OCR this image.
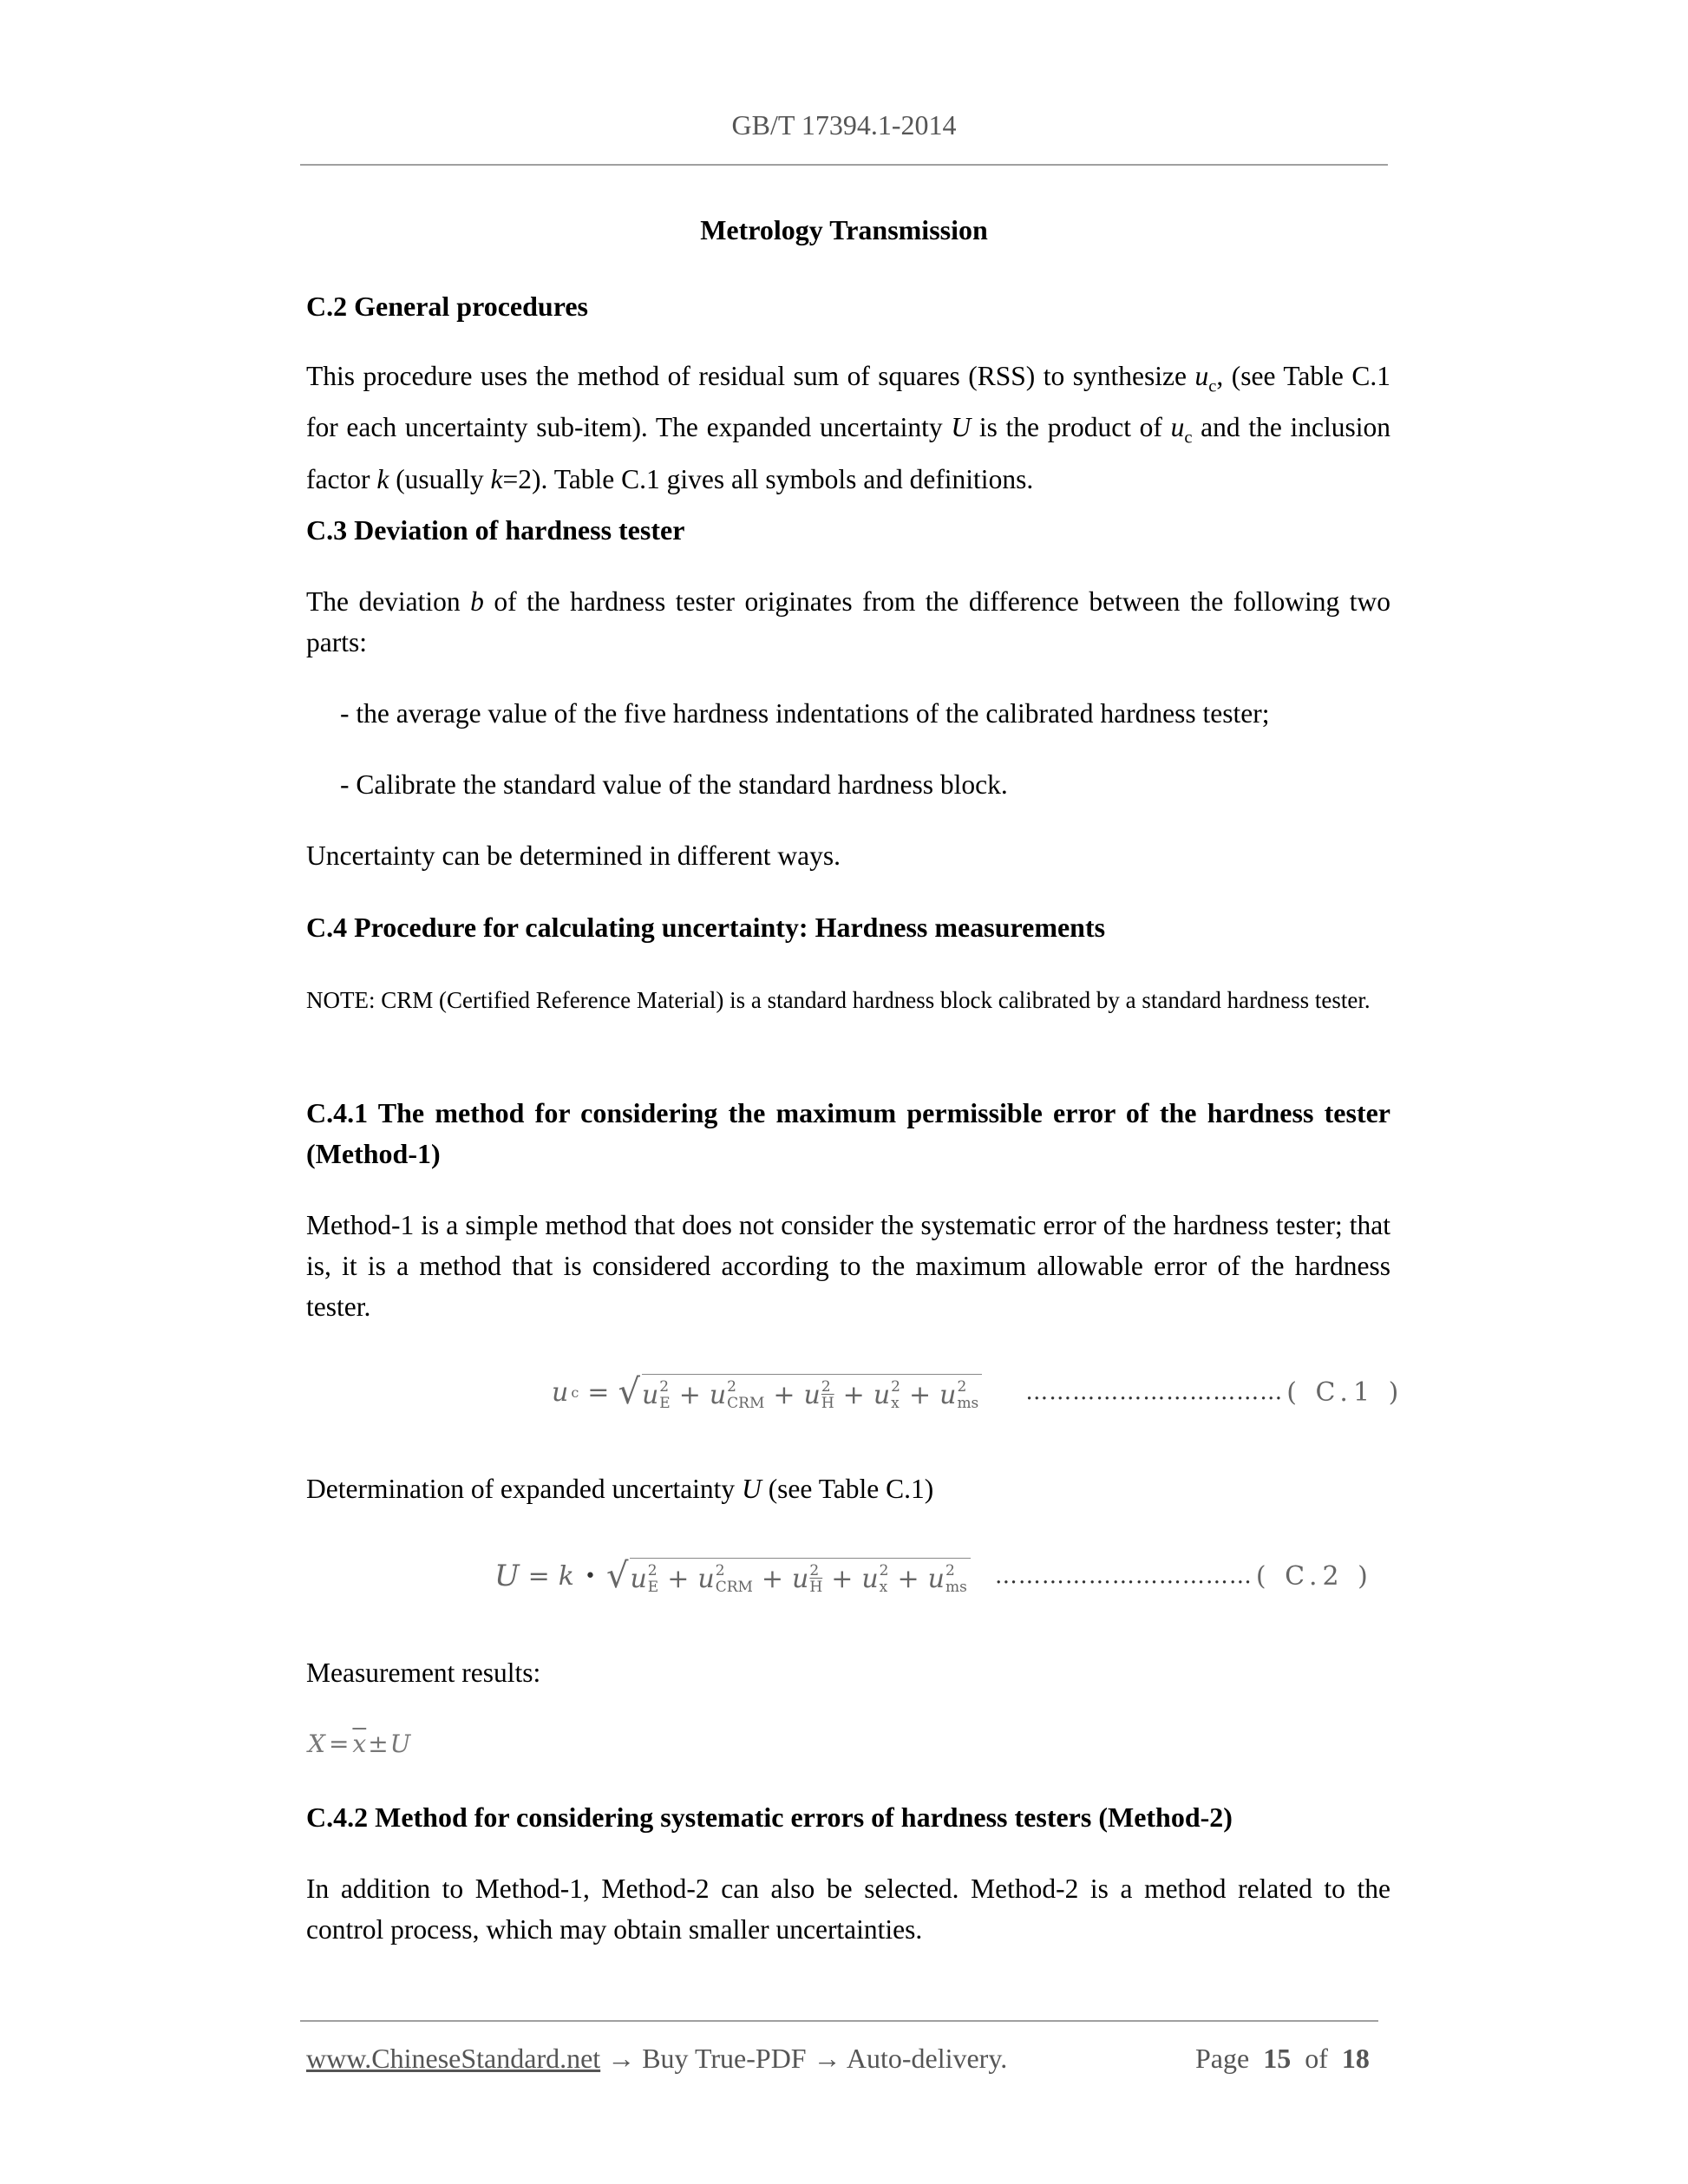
GB/T 17394.1-2014
Metrology Transmission
C.2 General procedures
This procedure uses the method of residual sum of squares (RSS) to synthesize $u_c$, (see Table C.1 for each uncertainty sub-item). The expanded uncertainty U is the product of $u_c$ and the inclusion factor k (usually k=2). Table C.1 gives all symbols and definitions.
C.3 Deviation of hardness tester
The deviation b of the hardness tester originates from the difference between the following two parts:
- the average value of the five hardness indentations of the calibrated hardness tester;
- Calibrate the standard value of the standard hardness block.
Uncertainty can be determined in different ways.
C.4 Procedure for calculating uncertainty: Hardness measurements
NOTE: CRM (Certified Reference Material) is a standard hardness block calibrated by a standard hardness tester.
C.4.1 The method for considering the maximum permissible error of the hardness tester (Method-1)
Method-1 is a simple method that does not consider the systematic error of the hardness tester; that is, it is a method that is considered according to the maximum allowable error of the hardness tester.
u c = √ u 2
E + u 2
CRM + u 2
$\overline{H} + u$ 2
x + u 2
ms …………………………… ( C.1 )
Determination of expanded uncertainty U (see Table C.1)
U = k • √ u 2
E + u 2
CRM + u 2
$\overline{H} + u$ 2
x + u 2
ms …………………………… ( C.2 )
Measurement results:
$X = \overline{x}\pm U$
C.4.2 Method for considering systematic errors of hardness testers (Method-2)
In addition to Method-1, Method-2 can also be selected. Method-2 is a method related to the control process, which may obtain smaller uncertainties.
www.ChineseStandard.net → Buy True-PDF → Auto-delivery.	Page 15 of 18
